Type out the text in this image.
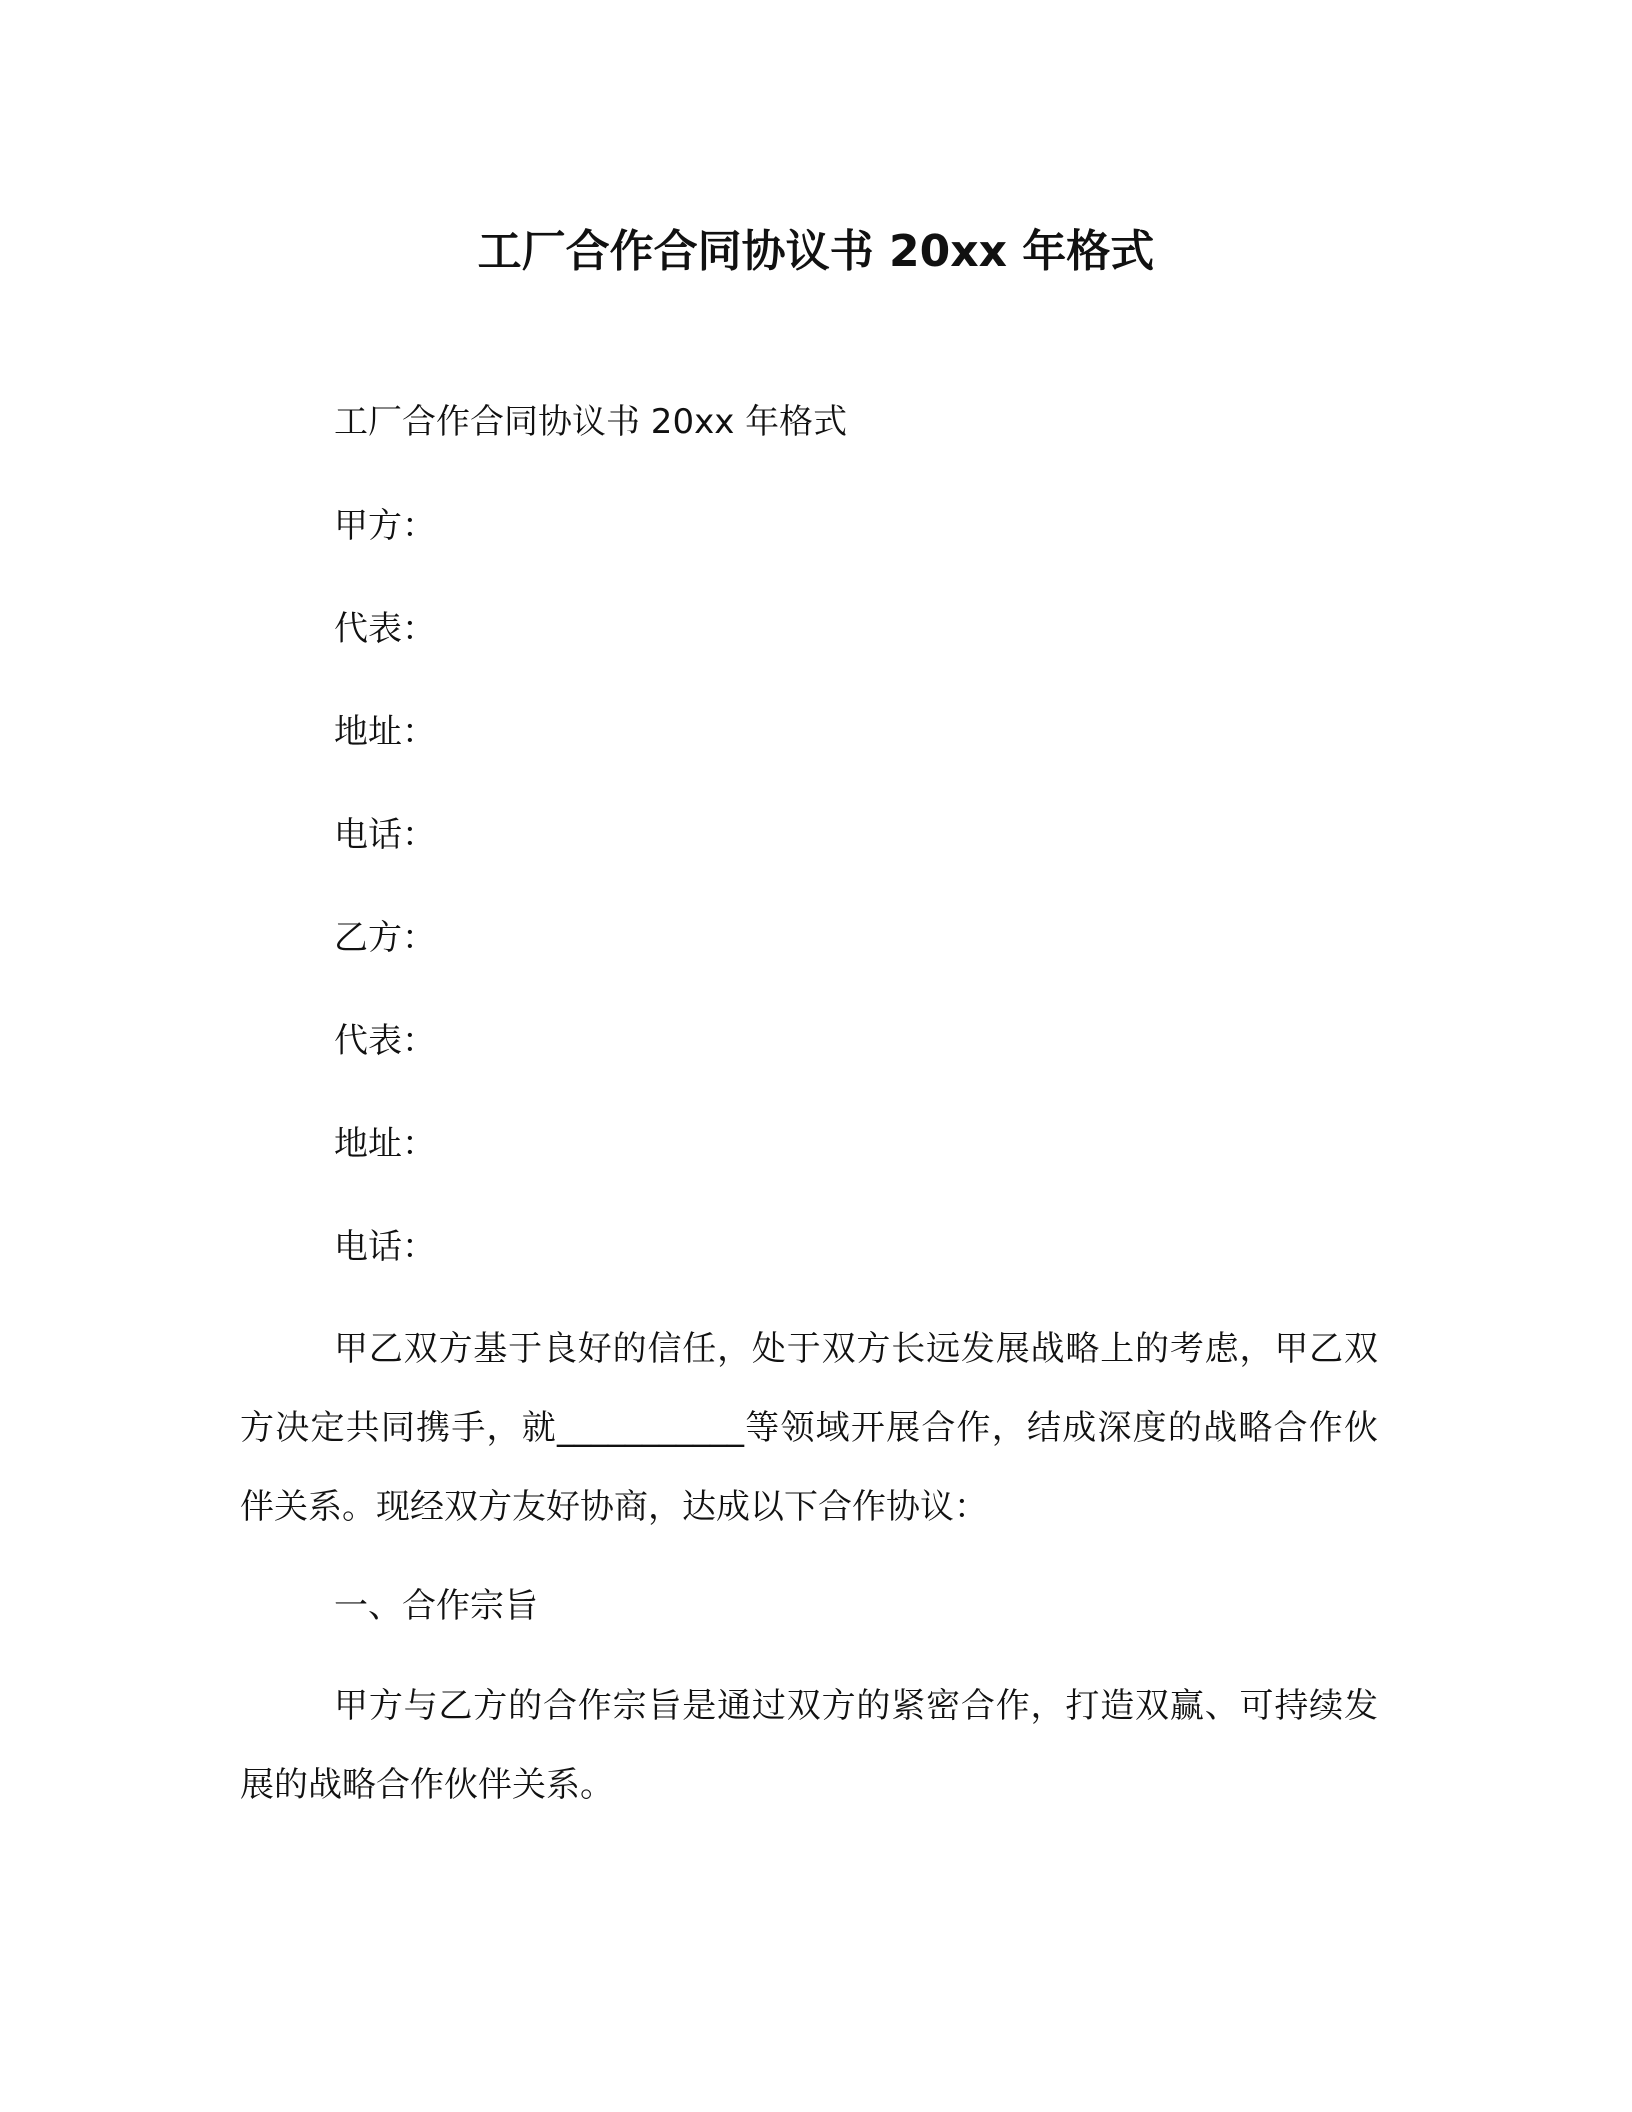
工厂合作合同协议书 20xx 年格式
工厂合作合同协议书 20xx 年格式
甲方：
代表：
地址：
电话：
乙方：
代表：
地址：
电话：
甲乙双方基于良好的信任，处于双方长远发展战略上的考虑，甲乙双方决定共同携手，就___________等领域开展合作，结成深度的战略合作伙伴关系。现经双方友好协商，达成以下合作协议：
一、合作宗旨
甲方与乙方的合作宗旨是通过双方的紧密合作，打造双赢、可持续发展的战略合作伙伴关系。
